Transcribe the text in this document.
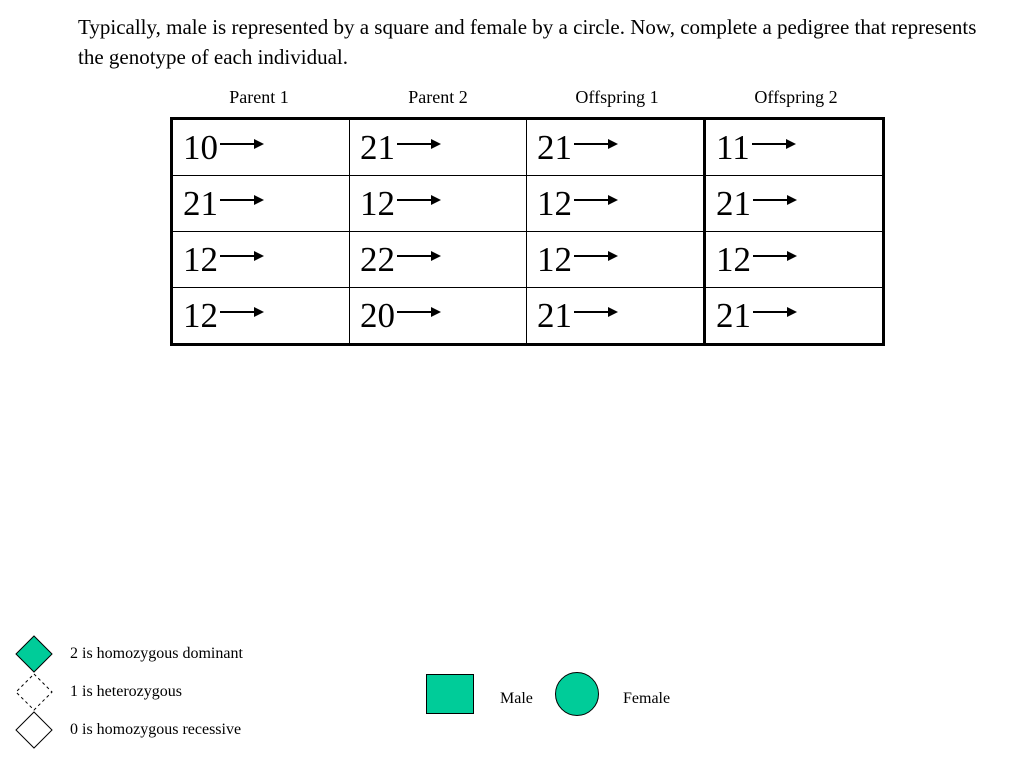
Typically, male is represented by a square and female by a circle. Now, complete a pedigree that represents the genotype of each individual.
Parent 1	Parent 2	Offspring 1	Offspring 2
10	21	21	11

21	12	12	21

12	22	12	12

12	20	21	21
2 is homozygous dominant
1 is heterozygous
0 is homozygous recessive
Male	Female
